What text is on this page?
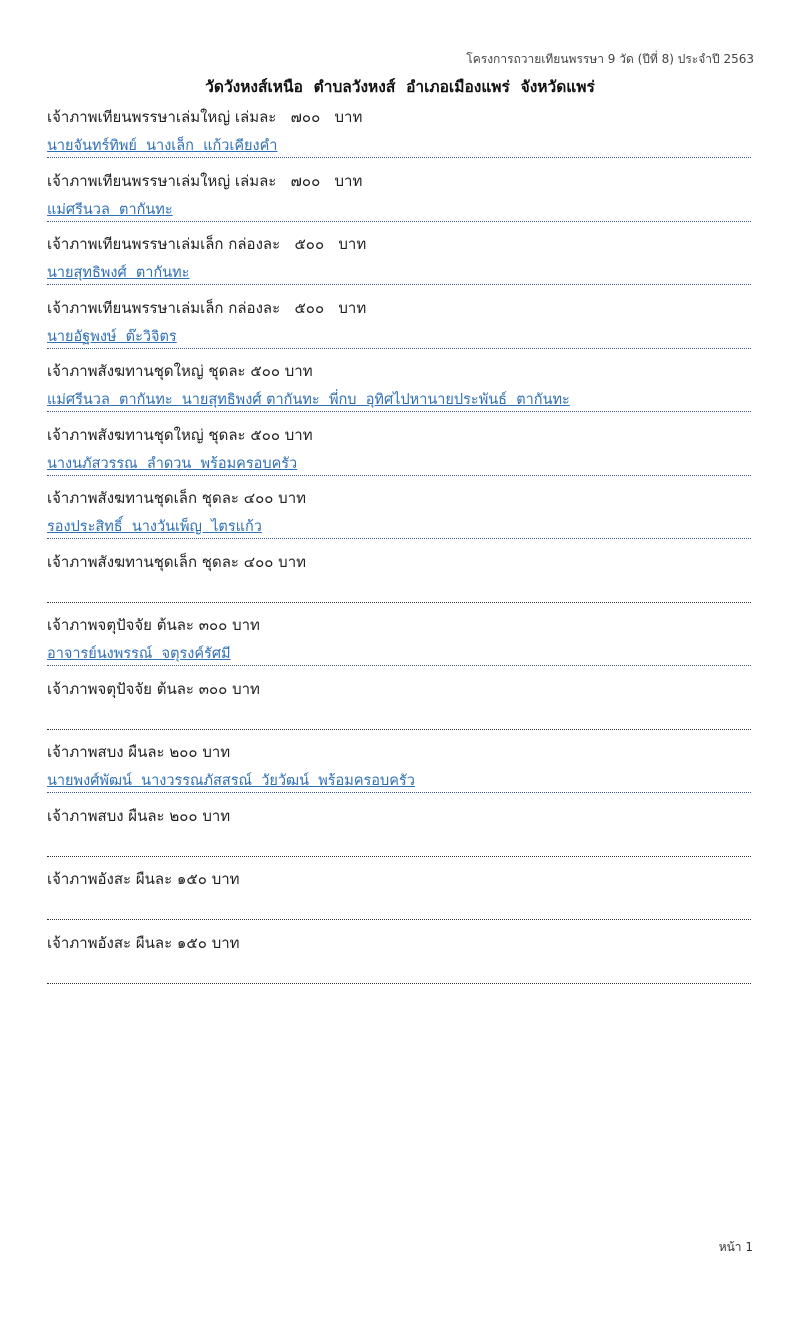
โครงการถวายเทียนพรรษา 9 วัด (ปีที่ 8) ประจำปี 2563
วัดวังหงส์เหนือ  ตำบลวังหงส์  อำเภอเมืองแพร่  จังหวัดแพร่
เจ้าภาพเทียนพรรษาเล่มใหญ่ เล่มละ   ๗๐๐   บาท
นายจันทร์ทิพย์  นางเล็ก  แก้วเคียงคำ
เจ้าภาพเทียนพรรษาเล่มใหญ่ เล่มละ   ๗๐๐   บาท
แม่ศรีนวล  ตากันทะ
เจ้าภาพเทียนพรรษาเล่มเล็ก กล่องละ   ๕๐๐   บาท
นายสุทธิพงศ์  ตากันทะ
เจ้าภาพเทียนพรรษาเล่มเล็ก กล่องละ   ๕๐๐   บาท
นายอัฐพงษ์  ต๊ะวิจิตร
เจ้าภาพสังฆทานชุดใหญ่ ชุดละ ๕๐๐ บาท
แม่ศรีนวล  ตากันทะ  นายสุทธิพงศ์ ตากันทะ  พี่กบ  อุทิศไปหานายประพันธ์  ตากันทะ
เจ้าภาพสังฆทานชุดใหญ่ ชุดละ ๕๐๐ บาท
นางนภัสวรรณ  ลำดวน  พร้อมครอบครัว
เจ้าภาพสังฆทานชุดเล็ก ชุดละ ๔๐๐ บาท
รองประสิทธิ์  นางวันเพ็ญ  ไตรแก้ว
เจ้าภาพสังฆทานชุดเล็ก ชุดละ ๔๐๐ บาท
เจ้าภาพจตุปัจจัย ต้นละ ๓๐๐ บาท
อาจารย์นงพรรณ์  จตุรงค์รัศมี
เจ้าภาพจตุปัจจัย ต้นละ ๓๐๐ บาท
เจ้าภาพสบง ผืนละ ๒๐๐ บาท
นายพงศ์พัฒน์  นางวรรณภัสสรณ์  วัยวัฒน์  พร้อมครอบครัว
เจ้าภาพสบง ผืนละ ๒๐๐ บาท
เจ้าภาพอังสะ ผืนละ ๑๕๐ บาท
เจ้าภาพอังสะ ผืนละ ๑๕๐ บาท
หน้า 1
